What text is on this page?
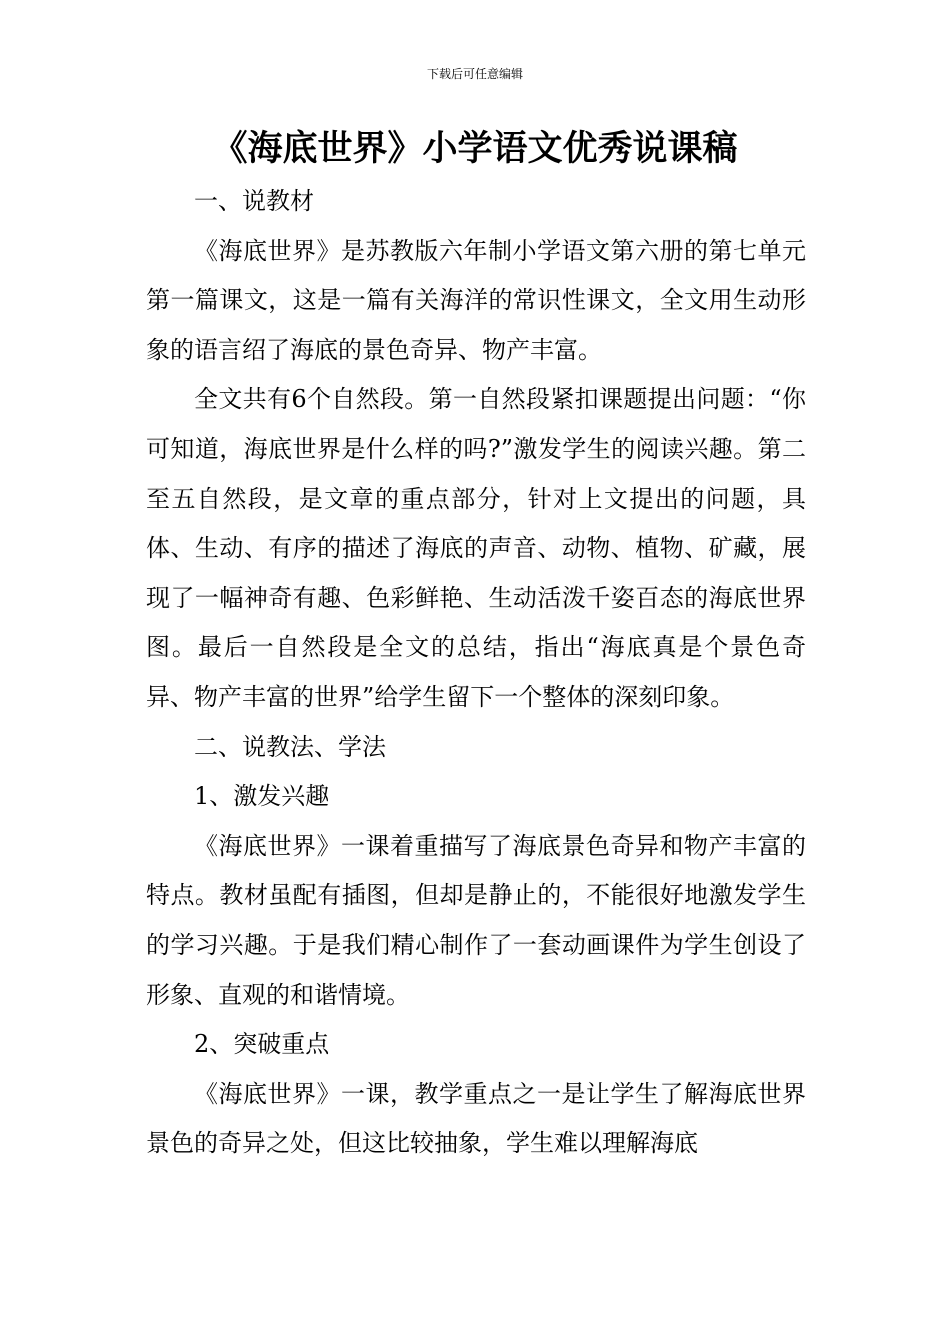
下载后可任意编辑
《海底世界》小学语文优秀说课稿

一、说教材

《海底世界》是苏教版六年制小学语文第六册的第七单元第一篇课文，这是一篇有关海洋的常识性课文，全文用生动形象的语言绍了海底的景色奇异、物产丰富。

全文共有6个自然段。第一自然段紧扣课题提出问题：“你可知道，海底世界是什么样的吗?”激发学生的阅读兴趣。第二至五自然段，是文章的重点部分，针对上文提出的问题，具体、生动、有序的描述了海底的声音、动物、植物、矿藏，展现了一幅神奇有趣、色彩鲜艳、生动活泼千姿百态的海底世界图。最后一自然段是全文的总结，指出“海底真是个景色奇异、物产丰富的世界”给学生留下一个整体的深刻印象。

二、说教法、学法

1、激发兴趣

《海底世界》一课着重描写了海底景色奇异和物产丰富的特点。教材虽配有插图，但却是静止的，不能很好地激发学生的学习兴趣。于是我们精心制作了一套动画课件为学生创设了形象、直观的和谐情境。

2、突破重点

《海底世界》一课，教学重点之一是让学生了解海底世界景色的奇异之处，但这比较抽象，学生难以理解海底
